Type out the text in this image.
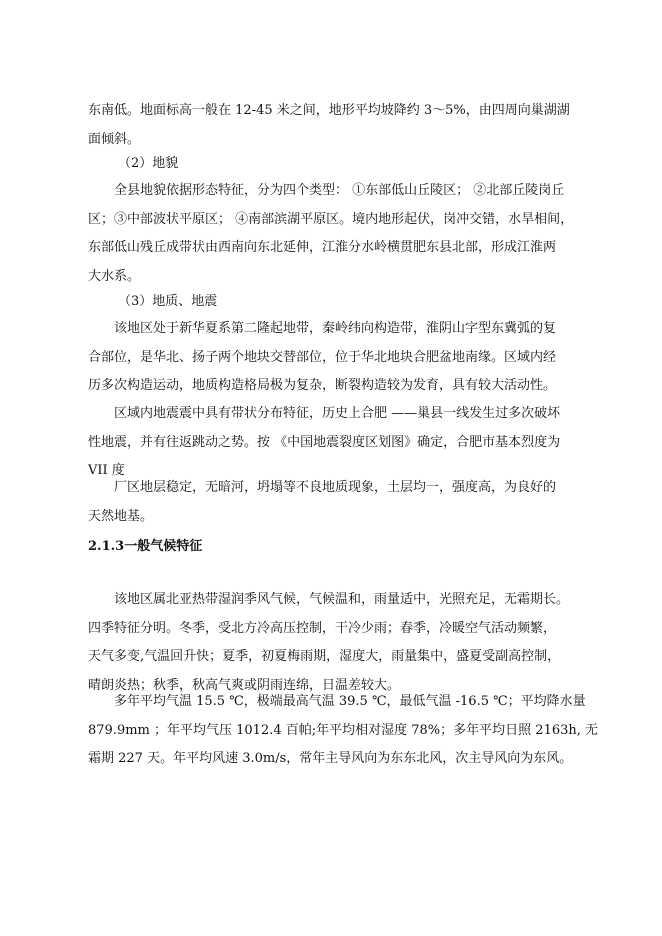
东南低。地面标高一般在 12-45 米之间，地形平均坡降约 3～5%，由四周向巢湖湖
面倾斜。
（2）地貌
全县地貌依据形态特征，分为四个类型： ①东部低山丘陵区； ②北部丘陵岗丘
区；③中部波状平原区； ④南部滨湖平原区。境内地形起伏，岗冲交错，水旱相间，
东部低山残丘成带状由西南向东北延伸，江淮分水岭横贯肥东县北部，形成江淮两
大水系。
（3）地质、地震
该地区处于新华夏系第二隆起地带，秦岭纬向构造带，淮阴山字型东冀弧的复
合部位，是华北、扬子两个地块交替部位，位于华北地块合肥盆地南缘。区域内经
历多次构造运动，地质构造格局极为复杂，断裂构造较为发育，具有较大活动性。
区域内地震震中具有带状分布特征，历史上合肥 ——巢县一线发生过多次破坏
性地震，并有往返跳动之势。按 《中国地震裂度区划图》确定，合肥市基本烈度为
VII 度
厂区地层稳定，无暗河，坍塌等不良地质现象，土层均一，强度高，为良好的
天然地基。
2.1.3一般气候特征
该地区属北亚热带湿润季风气候，气候温和，雨量适中，光照充足，无霜期长。
四季特征分明。冬季，受北方冷高压控制，干冷少雨；春季，冷暖空气活动频繁，
天气多变,气温回升快；夏季，初夏梅雨期，湿度大，雨量集中，盛夏受副高控制，
晴朗炎热；秋季，秋高气爽或阴雨连绵，日温差较大。
多年平均气温 15.5 ℃，极端最高气温 39.5 ℃，最低气温 -16.5 ℃；平均降水量
879.9mm ；年平均气压 1012.4 百帕;年平均相对湿度 78%；多年平均日照 2163h, 无
霜期 227 天。年平均风速 3.0m/s，常年主导风向为东东北风，次主导风向为东风。
